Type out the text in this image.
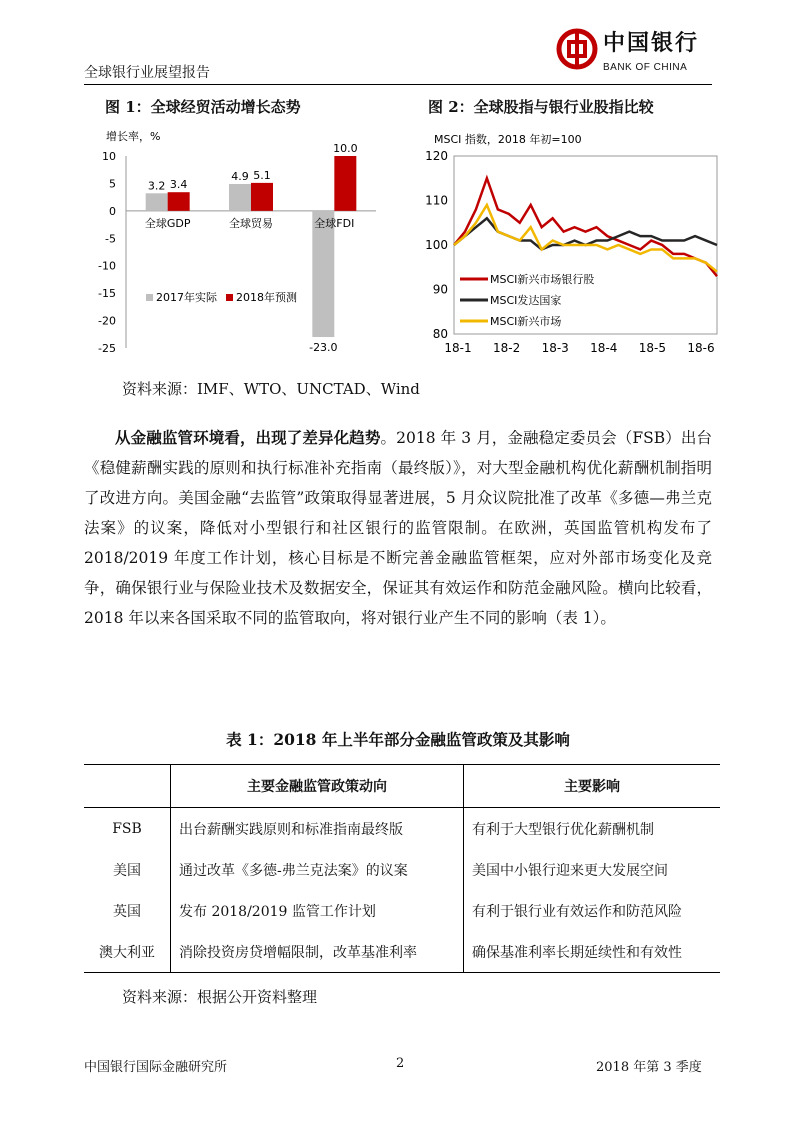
全球银行业展望报告
中国银行
BANK OF CHINA
图 1：全球经贸活动增长态势	图 2：全球股指与银行业股指比较
增长率，%
10
5
0
-5
-10
-15
-20
-25
3.2 3.4
全球GDP
4.9 5.1
全球贸易
-23.0
10.0
全球FDI
2017年实际 2018年预测
MSCI 指数，2018 年初=100
120
110
100
90
80
18-1 18-2 18-3 18-4 18-5 18-6
MSCI新兴市场银行股
MSCI发达国家
MSCI新兴市场
资料来源：IMF、WTO、UNCTAD、Wind
从金融监管环境看，出现了差异化趋势。2018 年 3 月，金融稳定委员会（FSB）出台《稳健薪酬实践的原则和执行标准补充指南（最终版）》，对大型金融机构优化薪酬机制指明了改进方向。美国金融“去监管”政策取得显著进展，5 月众议院批准了改革《多德—弗兰克法案》的议案，降低对小型银行和社区银行的监管限制。在欧洲，英国监管机构发布了 2018/2019 年度工作计划，核心目标是不断完善金融监管框架，应对外部市场变化及竞争，确保银行业与保险业技术及数据安全，保证其有效运作和防范金融风险。横向比较看，2018 年以来各国采取不同的监管取向，将对银行业产生不同的影响（表 1）。
表 1：2018 年上半年部分金融监管政策及其影响
	主要金融监管政策动向	主要影响
FSB	出台薪酬实践原则和标准指南最终版	有利于大型银行优化薪酬机制
美国	通过改革《多德-弗兰克法案》的议案	美国中小银行迎来更大发展空间
英国	发布 2018/2019 监管工作计划	有利于银行业有效运作和防范风险
澳大利亚	消除投资房贷增幅限制，改革基准利率	确保基准利率长期延续性和有效性
资料来源：根据公开资料整理
中国银行国际金融研究所	2	2018 年第 3 季度
